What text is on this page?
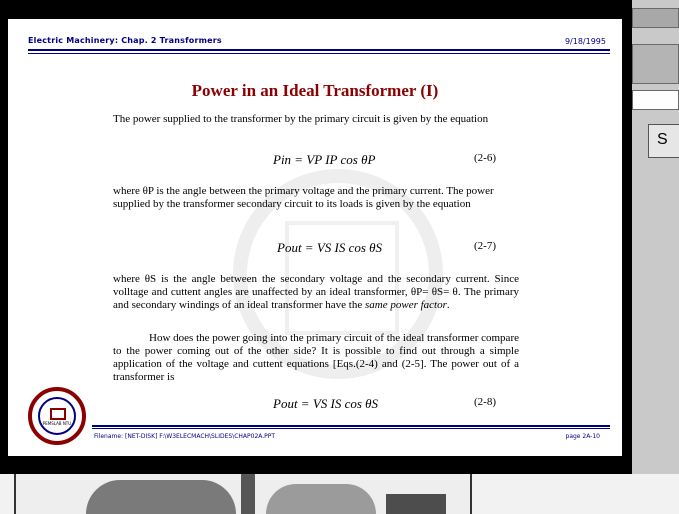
S
Electric Machinery: Chap. 2 Transformers	9/18/1995
Power in an Ideal Transformer (I)
The power supplied to the transformer by the primary circuit is given by the equation
Pin = VP IP cos θP	(2-6)
where θP is the angle between the primary voltage and the primary current. The power supplied by the transformer secondary circuit to its loads is given by the equation
Pout = VS IS cos θS	(2-7)
where θS is the angle between the secondary voltage and the secondary current. Since volltage and cuttent angles are unaffected by an ideal transformer, θP= θS= θ. The primary and secondary windings of an ideal transformer have the same power factor.
How does the power going into the primary circuit of the ideal transformer compare to the power coming out of the other side? It is possible to find out through a simple application of the voltage and cuttent equations [Eqs.(2-4) and (2-5]. The power out of a transformer is
Pout = VS IS cos θS	(2-8)
PEMSLAB NTU
Filename: [NET-DISK] F:\W3ELECMACH\SLIDES\CHAP02A.PPT	page 2A-10
